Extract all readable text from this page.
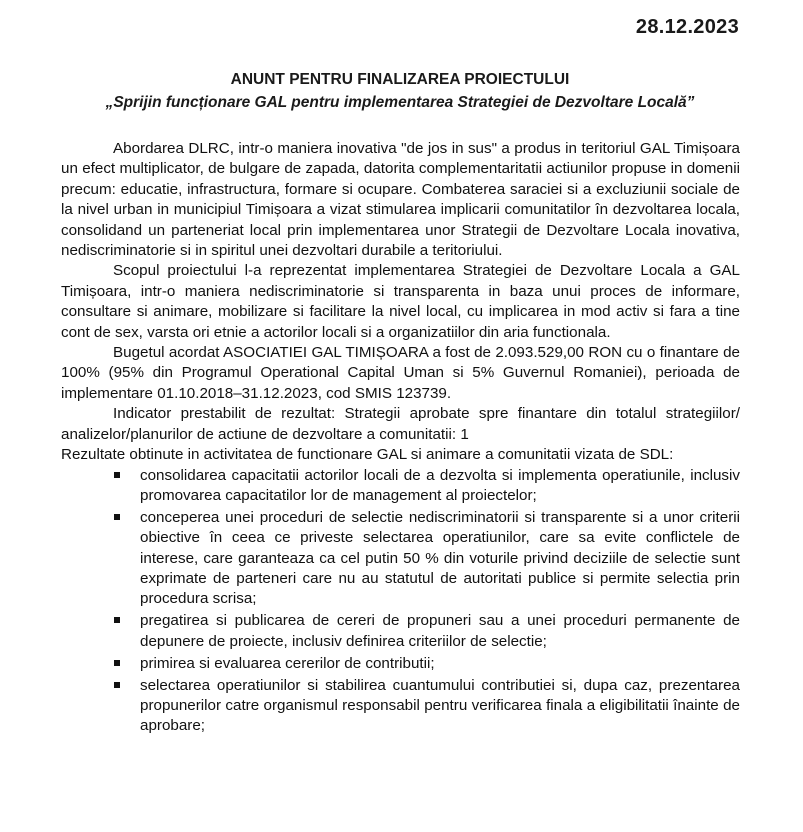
28.12.2023
ANUNT PENTRU FINALIZAREA PROIECTULUI
„Sprijin funcționare GAL pentru implementarea Strategiei de Dezvoltare Locală”

Abordarea DLRC, intr-o maniera inovativa "de jos in sus" a produs in teritoriul GAL Timișoara un efect multiplicator, de bulgare de zapada, datorita complementaritatii actiunilor propuse in domenii precum: educatie, infrastructura, formare si ocupare. Combaterea saraciei si a excluziunii sociale de la nivel urban in municipiul Timișoara a vizat stimularea implicarii comunitatilor în dezvoltarea locala, consolidand un parteneriat local prin implementarea unor Strategii de Dezvoltare Locala inovativa, nediscriminatorie si in spiritul unei dezvoltari durabile a teritoriului.

Scopul proiectului l-a reprezentat implementarea Strategiei de Dezvoltare Locala a GAL Timișoara, intr-o maniera nediscriminatorie si transparenta in baza unui proces de informare, consultare si animare, mobilizare si facilitare la nivel local, cu implicarea in mod activ si fara a tine cont de sex, varsta ori etnie a actorilor locali si a organizatiilor din aria functionala.

Bugetul acordat ASOCIATIEI GAL TIMIȘOARA a fost de 2.093.529,00 RON cu o finantare de 100% (95% din Programul Operational Capital Uman si 5% Guvernul Romaniei), perioada de implementare 01.10.2018–31.12.2023, cod SMIS 123739.

Indicator prestabilit de rezultat: Strategii aprobate spre finantare din totalul strategiilor/ analizelor/planurilor de actiune de dezvoltare a comunitatii: 1

Rezultate obtinute in activitatea de functionare GAL si animare a comunitatii vizata de SDL:

consolidarea capacitatii actorilor locali de a dezvolta si implementa operatiunile, inclusiv promovarea capacitatilor lor de management al proiectelor;
conceperea unei proceduri de selectie nediscriminatorii si transparente si a unor criterii obiective în ceea ce priveste selectarea operatiunilor, care sa evite conflictele de interese, care garanteaza ca cel putin 50 % din voturile privind deciziile de selectie sunt exprimate de parteneri care nu au statutul de autoritati publice si permite selectia prin procedura scrisa;
pregatirea si publicarea de cereri de propuneri sau a unei proceduri permanente de depunere de proiecte, inclusiv definirea criteriilor de selectie;
primirea si evaluarea cererilor de contributii;
selectarea operatiunilor si stabilirea cuantumului contributiei si, dupa caz, prezentarea propunerilor catre organismul responsabil pentru verificarea finala a eligibilitatii înainte de aprobare;
